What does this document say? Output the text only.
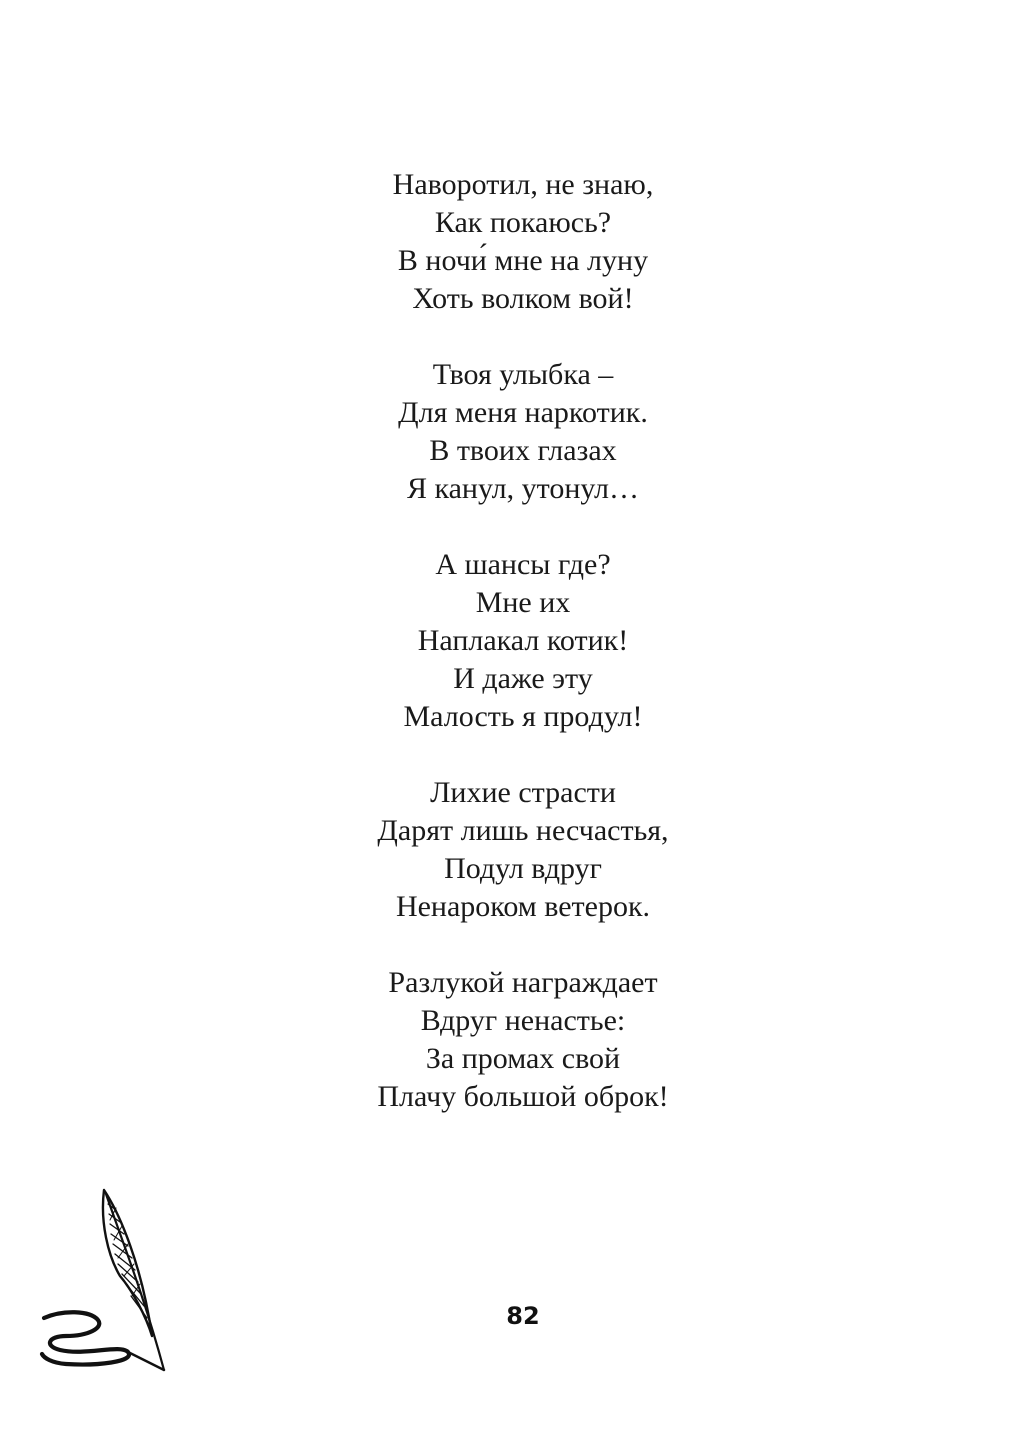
Наворотил, не знаю,
Как покаюсь?
В ночи́ мне на луну
Хоть волком вой!
Твоя улыбка –
Для меня наркотик.
В твоих глазах
Я канул, утонул…
А шансы где?
Мне их
Наплакал котик!
И даже эту
Малость я продул!
Лихие страсти
Дарят лишь несчастья,
Подул вдруг
Ненароком ветерок.
Разлукой награждает
Вдруг ненастье:
За промах свой
Плачу большой оброк!
82
